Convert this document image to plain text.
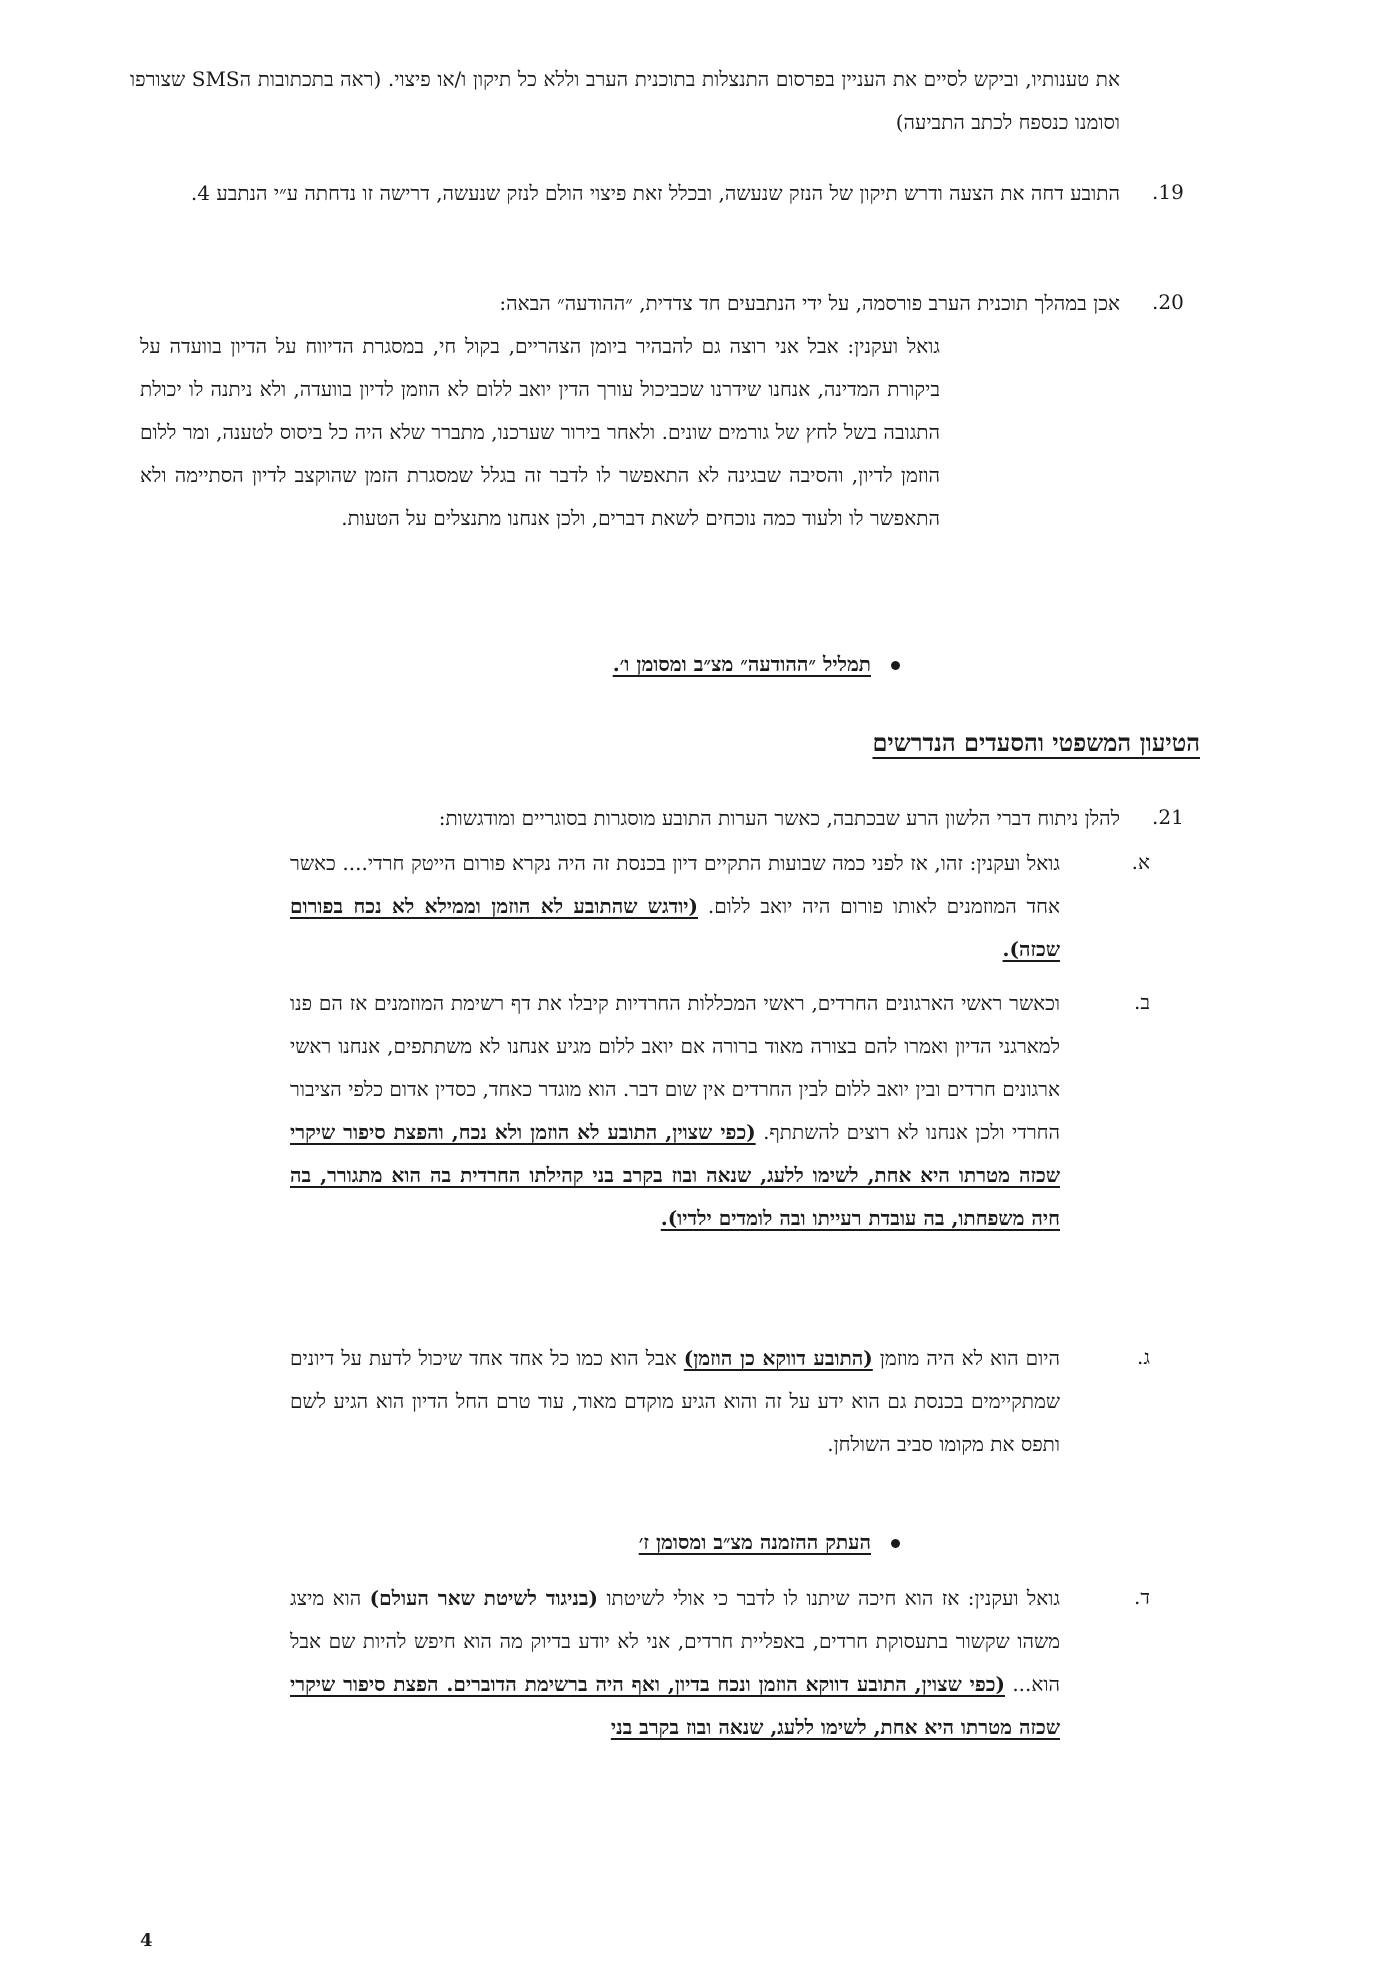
את טענותיו, וביקש לסיים את העניין בפרסום התנצלות בתוכנית הערב וללא כל תיקון ו/או פיצוי. (ראה בתכתובות הSMS שצורפו וסומנו כנספח לכתב התביעה)

.19

התובע דחה את הצעה ודרש תיקון של הנזק שנעשה, ובכלל זאת פיצוי הולם לנזק שנעשה, דרישה זו נדחתה ע״י הנתבע 4.

.20

אכן במהלך תוכנית הערב פורסמה, על ידי הנתבעים חד צדדית, ״ההודעה״ הבאה:

גואל ועקנין: אבל אני רוצה גם להבהיר ביומן הצהריים, בקול חי, במסגרת הדיווח על הדיון בוועדה על ביקורת המדינה, אנחנו שידרנו שכביכול עורך הדין יואב ללום לא הוזמן לדיון בוועדה, ולא ניתנה לו יכולת התגובה בשל לחץ של גורמים שונים. ולאחר בירור שערכנו, מתברר שלא היה כל ביסוס לטענה, ומר ללום הוזמן לדיון, והסיבה שבגינה לא התאפשר לו לדבר זה בגלל שמסגרת הזמן שהוקצב לדיון הסתיימה ולא התאפשר לו ולעוד כמה נוכחים לשאת דברים, ולכן אנחנו מתנצלים על הטעות.

תמליל ״ההודעה״ מצ״ב ומסומן ו׳.
הטיעון המשפטי והסעדים הנדרשים
.21

להלן ניתוח דברי הלשון הרע שבכתבה, כאשר הערות התובע מוסגרות בסוגריים ומודגשות:

א.

גואל ועקנין: זהו, אז לפני כמה שבועות התקיים דיון בכנסת זה היה נקרא פורום הייטק חרדי.... כאשר אחד המוזמנים לאותו פורום היה יואב ללום. (יודגש שהתובע לא הוזמן וממילא לא נכח בפורום שכזה).

ב.

וכאשר ראשי הארגונים החרדים, ראשי המכללות החרדיות קיבלו את דף רשימת המוזמנים אז הם פנו למארגני הדיון ואמרו להם בצורה מאוד ברורה אם יואב ללום מגיע אנחנו לא משתתפים, אנחנו ראשי ארגונים חרדים ובין יואב ללום לבין החרדים אין שום דבר. הוא מוגדר כאחד, כסדין אדום כלפי הציבור החרדי ולכן אנחנו לא רוצים להשתתף. (כפי שצוין, התובע לא הוזמן ולא נכח, והפצת סיפור שיקרי שכזה מטרתו היא אחת, לשימו ללעג, שנאה ובוז בקרב בני קהילתו החרדית בה הוא מתגורר, בה חיה משפחתו, בה עובדת רעייתו ובה לומדים ילדיו).

ג.

היום הוא לא היה מוזמן (התובע דווקא כן הוזמן) אבל הוא כמו כל אחד אחד שיכול לדעת על דיונים שמתקיימים בכנסת גם הוא ידע על זה והוא הגיע מוקדם מאוד, עוד טרם החל הדיון הוא הגיע לשם ותפס את מקומו סביב השולחן.

העתק ההזמנה מצ״ב ומסומן ז׳
ד.

גואל ועקנין: אז הוא חיכה שיתנו לו לדבר כי אולי לשיטתו (בניגוד לשיטת שאר העולם) הוא מיצג משהו שקשור בתעסוקת חרדים, באפליית חרדים, אני לא יודע בדיוק מה הוא חיפש להיות שם אבל הוא... (כפי שצוין, התובע דווקא הוזמן ונכח בדיון, ואף היה ברשימת הדוברים. הפצת סיפור שיקרי שכזה מטרתו היא אחת, לשימו ללעג, שנאה ובוז בקרב בני

4
